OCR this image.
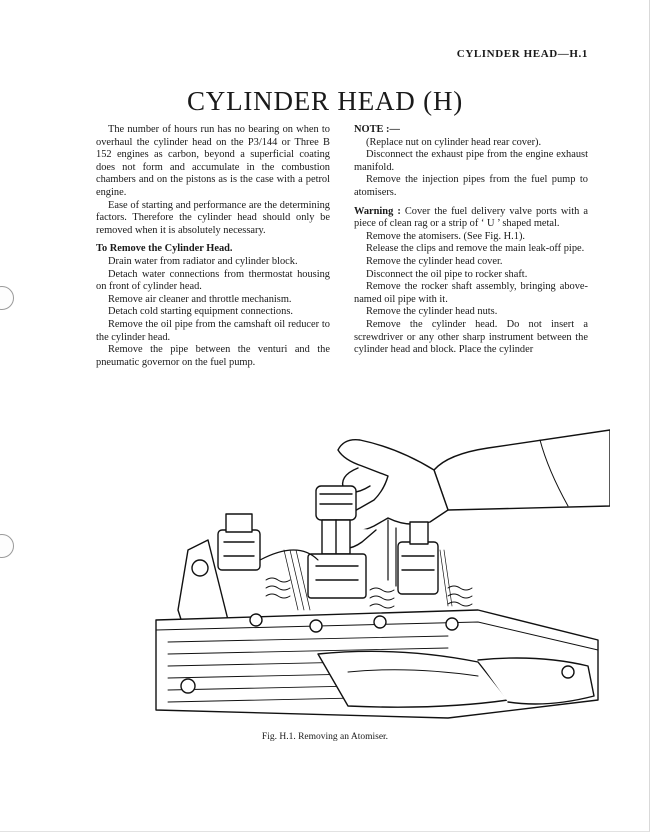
CYLINDER HEAD—H.1
CYLINDER HEAD (H)

The number of hours run has no bearing on when to overhaul the cylinder head on the P3/144 or Three B 152 engines as carbon, beyond a superficial coating does not form and accumulate in the combustion chambers and on the pistons as is the case with a petrol engine.

Ease of starting and performance are the determining factors. Therefore the cylinder head should only be removed when it is absolutely necessary.

To Remove the Cylinder Head.

Drain water from radiator and cylinder block.

Detach water connections from thermostat housing on front of cylinder head.

Remove air cleaner and throttle mechanism.

Detach cold starting equipment connections.

Remove the oil pipe from the camshaft oil reducer to the cylinder head.

Remove the pipe between the venturi and the pneumatic governor on the fuel pump.

NOTE :—

(Replace nut on cylinder head rear cover).

Disconnect the exhaust pipe from the engine exhaust manifold.

Remove the injection pipes from the fuel pump to atomisers.

Warning : Cover the fuel delivery valve ports with a piece of clean rag or a strip of ‘ U ’ shaped metal.

Remove the atomisers. (See Fig. H.1).

Release the clips and remove the main leak-off pipe.

Remove the cylinder head cover.

Disconnect the oil pipe to rocker shaft.

Remove the rocker shaft assembly, bringing above-named oil pipe with it.

Remove the cylinder head nuts.

Remove the cylinder head. Do not insert a screwdriver or any other sharp instrument between the cylinder head and block. Place the cylinder

Fig. H.1. Removing an Atomiser.
